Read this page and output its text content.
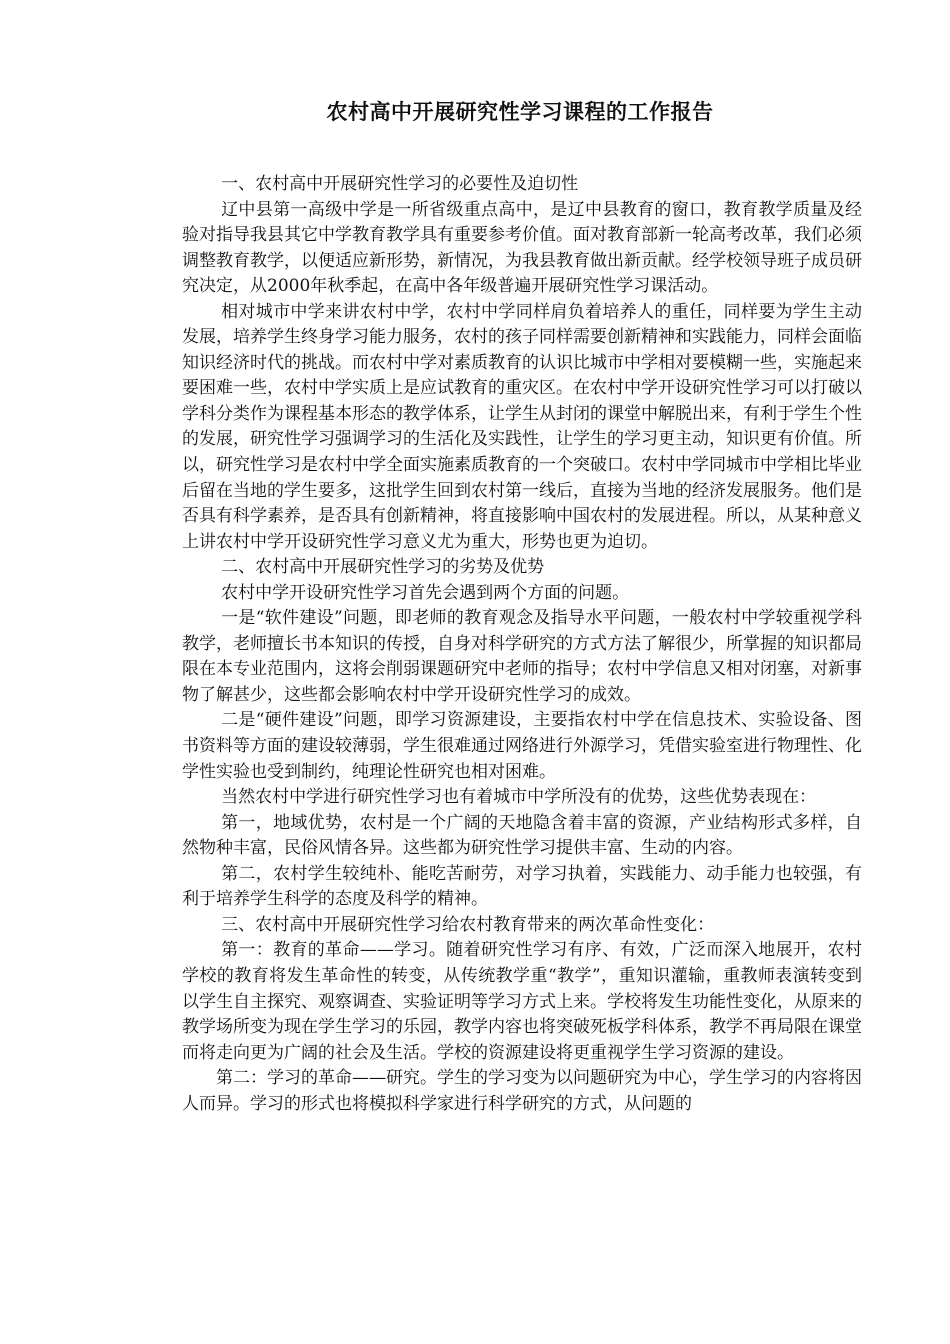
农村高中开展研究性学习课程的工作报告

一、农村高中开展研究性学习的必要性及迫切性

辽中县第一高级中学是一所省级重点高中，是辽中县教育的窗口，教育教学质量及经验对指导我县其它中学教育教学具有重要参考价值。面对教育部新一轮高考改革，我们必须调整教育教学，以便适应新形势，新情况，为我县教育做出新贡献。经学校领导班子成员研究决定，从2000年秋季起，在高中各年级普遍开展研究性学习课活动。

相对城市中学来讲农村中学，农村中学同样肩负着培养人的重任，同样要为学生主动发展，培养学生终身学习能力服务，农村的孩子同样需要创新精神和实践能力，同样会面临知识经济时代的挑战。而农村中学对素质教育的认识比城市中学相对要模糊一些，实施起来要困难一些，农村中学实质上是应试教育的重灾区。在农村中学开设研究性学习可以打破以学科分类作为课程基本形态的教学体系，让学生从封闭的课堂中解脱出来，有利于学生个性的发展，研究性学习强调学习的生活化及实践性，让学生的学习更主动，知识更有价值。所以，研究性学习是农村中学全面实施素质教育的一个突破口。农村中学同城市中学相比毕业后留在当地的学生要多，这批学生回到农村第一线后，直接为当地的经济发展服务。他们是否具有科学素养，是否具有创新精神，将直接影响中国农村的发展进程。所以，从某种意义上讲农村中学开设研究性学习意义尤为重大，形势也更为迫切。

二、农村高中开展研究性学习的劣势及优势

农村中学开设研究性学习首先会遇到两个方面的问题。

一是“软件建设”问题，即老师的教育观念及指导水平问题，一般农村中学较重视学科教学，老师擅长书本知识的传授，自身对科学研究的方式方法了解很少，所掌握的知识都局限在本专业范围内，这将会削弱课题研究中老师的指导；农村中学信息又相对闭塞，对新事物了解甚少，这些都会影响农村中学开设研究性学习的成效。

二是“硬件建设”问题，即学习资源建设，主要指农村中学在信息技术、实验设备、图书资料等方面的建设较薄弱，学生很难通过网络进行外源学习，凭借实验室进行物理性、化学性实验也受到制约，纯理论性研究也相对困难。

当然农村中学进行研究性学习也有着城市中学所没有的优势，这些优势表现在：

第一，地域优势，农村是一个广阔的天地隐含着丰富的资源，产业结构形式多样，自然物种丰富，民俗风情各异。这些都为研究性学习提供丰富、生动的内容。

第二，农村学生较纯朴、能吃苦耐劳，对学习执着，实践能力、动手能力也较强，有利于培养学生科学的态度及科学的精神。

三、农村高中开展研究性学习给农村教育带来的两次革命性变化：

第一：教育的革命——学习。随着研究性学习有序、有效，广泛而深入地展开，农村学校的教育将发生革命性的转变，从传统教学重“教学”，重知识灌输，重教师表演转变到以学生自主探究、观察调查、实验证明等学习方式上来。学校将发生功能性变化，从原来的教学场所变为现在学生学习的乐园，教学内容也将突破死板学科体系，教学不再局限在课堂而将走向更为广阔的社会及生活。学校的资源建设将更重视学生学习资源的建设。

第二：学习的革命——研究。学生的学习变为以问题研究为中心，学生学习的内容将因人而异。学习的形式也将模拟科学家进行科学研究的方式，从问题的
